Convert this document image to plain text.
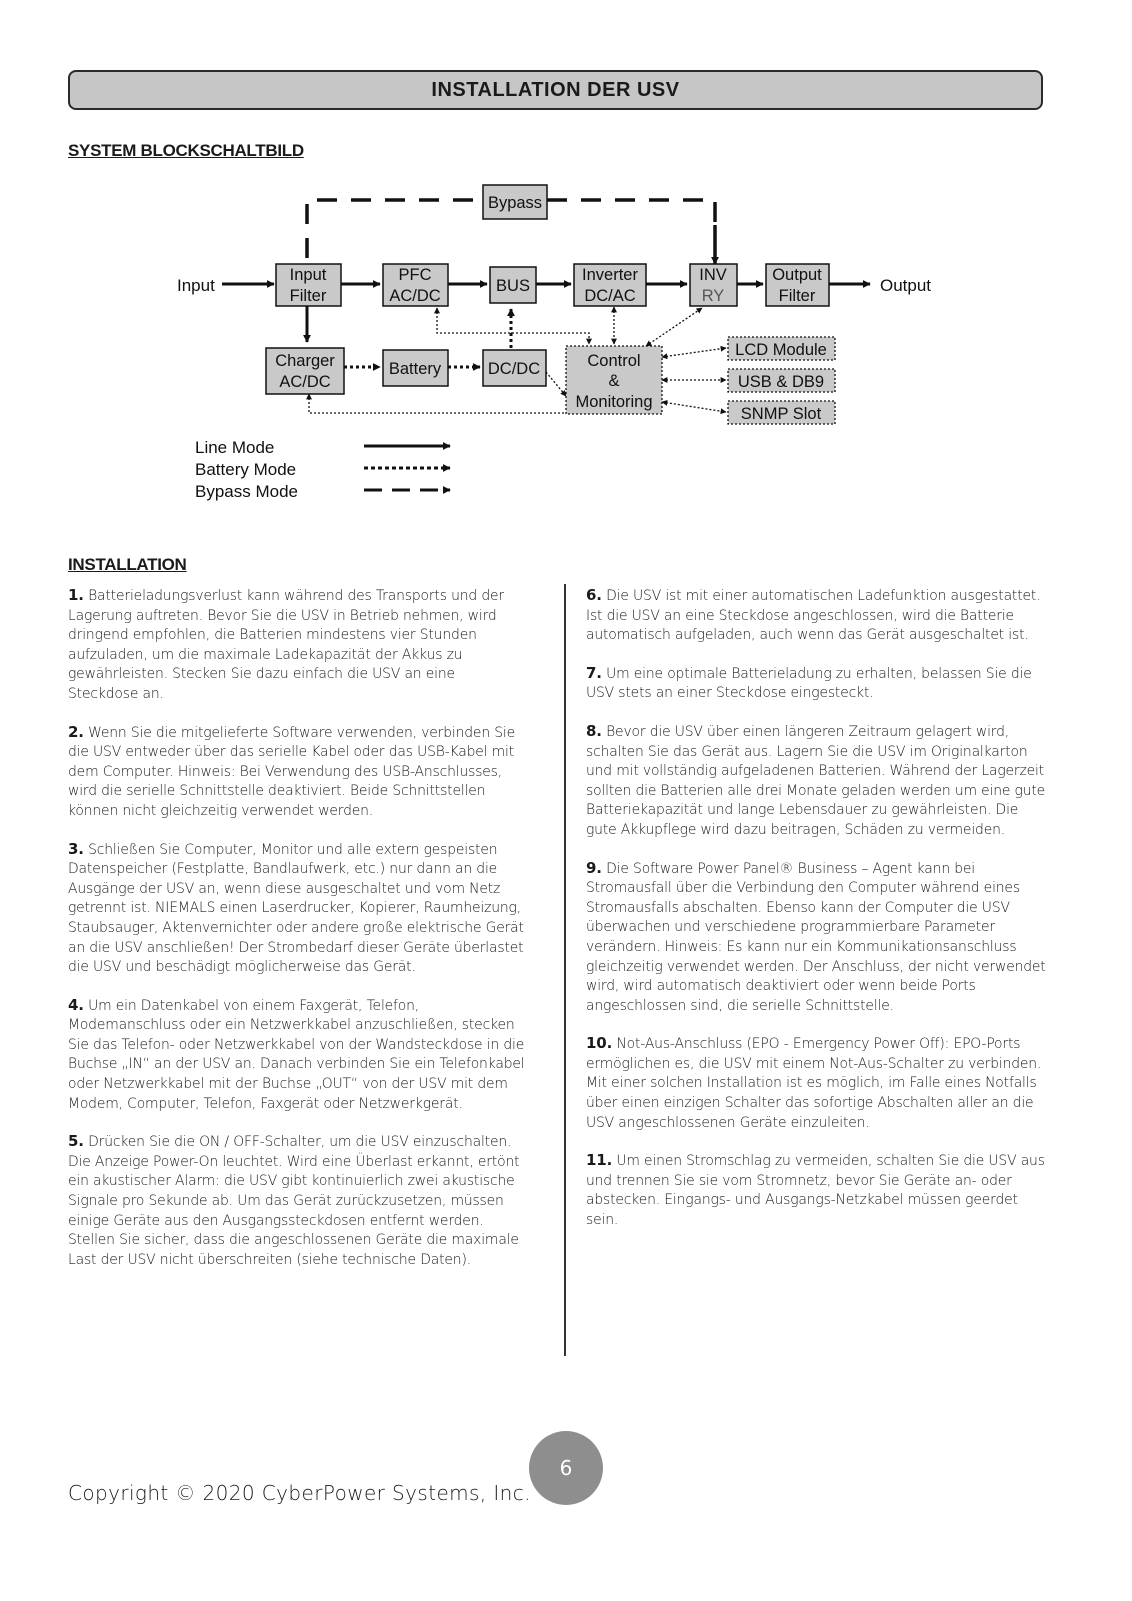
INSTALLATION DER USV
SYSTEM BLOCKSCHALTBILD
Input	Output
Bypass
Input
Filter
PFC
AC/DC
BUS
Inverter
DC/AC
INV
RY
Output
Filter
Charger
AC/DC
Battery	DC/DC	Control
&
Monitoring
LCD Module
USB & DB9
SNMP Slot
Line Mode
Battery Mode
Bypass Mode
INSTALLATION

1. Batterieladungsverlust kann während des Transports und der Lagerung auftreten. Bevor Sie die USV in Betrieb nehmen, wird dringend empfohlen, die Batterien mindestens vier Stunden aufzuladen, um die maximale Ladekapazität der Akkus zu gewährleisten. Stecken Sie dazu einfach die USV an eine Steckdose an.

2. Wenn Sie die mitgelieferte Software verwenden, verbinden Sie die USV entweder über das serielle Kabel oder das USB-Kabel mit dem Computer. Hinweis: Bei Verwendung des USB-Anschlusses, wird die serielle Schnittstelle deaktiviert. Beide Schnittstellen können nicht gleichzeitig verwendet werden.

3. Schließen Sie Computer, Monitor und alle extern gespeisten Datenspeicher (Festplatte, Bandlaufwerk, etc.) nur dann an die Ausgänge der USV an, wenn diese ausgeschaltet und vom Netz getrennt ist. NIEMALS einen Laserdrucker, Kopierer, Raumheizung, Staubsauger, Aktenvernichter oder andere große elektrische Gerät an die USV anschließen! Der Strombedarf dieser Geräte überlastet die USV und beschädigt möglicherweise das Gerät.

4. Um ein Datenkabel von einem Faxgerät, Telefon, Modemanschluss oder ein Netzwerkkabel anzuschließen, stecken Sie das Telefon- oder Netzwerkkabel von der Wandsteckdose in die Buchse „IN“ an der USV an. Danach verbinden Sie ein Telefonkabel oder Netzwerkkabel mit der Buchse „OUT“ von der USV mit dem Modem, Computer, Telefon, Faxgerät oder Netzwerkgerät.

5. Drücken Sie die ON / OFF-Schalter, um die USV einzuschalten. Die Anzeige Power-On leuchtet. Wird eine Überlast erkannt, ertönt ein akustischer Alarm: die USV gibt kontinuierlich zwei akustische Signale pro Sekunde ab. Um das Gerät zurückzusetzen, müssen einige Geräte aus den Ausgangssteckdosen entfernt werden. Stellen Sie sicher, dass die angeschlossenen Geräte die maximale Last der USV nicht überschreiten (siehe technische Daten).

6. Die USV ist mit einer automatischen Ladefunktion ausgestattet. Ist die USV an eine Steckdose angeschlossen, wird die Batterie automatisch aufgeladen, auch wenn das Gerät ausgeschaltet ist.

7. Um eine optimale Batterieladung zu erhalten, belassen Sie die USV stets an einer Steckdose eingesteckt.

8. Bevor die USV über einen längeren Zeitraum gelagert wird, schalten Sie das Gerät aus. Lagern Sie die USV im Originalkarton und mit vollständig aufgeladenen Batterien. Während der Lagerzeit sollten die Batterien alle drei Monate geladen werden um eine gute Batteriekapazität und lange Lebensdauer zu gewährleisten. Die gute Akkupflege wird dazu beitragen, Schäden zu vermeiden.

9. Die Software Power Panel® Business – Agent kann bei Stromausfall über die Verbindung den Computer während eines Stromausfalls abschalten. Ebenso kann der Computer die USV überwachen und verschiedene programmierbare Parameter verändern. Hinweis: Es kann nur ein Kommunikationsanschluss gleichzeitig verwendet werden. Der Anschluss, der nicht verwendet wird, wird automatisch deaktiviert oder wenn beide Ports angeschlossen sind, die serielle Schnittstelle.

10. Not-Aus-Anschluss (EPO - Emergency Power Off): EPO-Ports ermöglichen es, die USV mit einem Not-Aus-Schalter zu verbinden. Mit einer solchen Installation ist es möglich, im Falle eines Notfalls über einen einzigen Schalter das sofortige Abschalten aller an die USV angeschlossenen Geräte einzuleiten.

11. Um einen Stromschlag zu vermeiden, schalten Sie die USV aus und trennen Sie sie vom Stromnetz, bevor Sie Geräte an- oder abstecken. Eingangs- und Ausgangs-Netzkabel müssen geerdet sein.

6
Copyright © 2020 CyberPower Systems, Inc.
